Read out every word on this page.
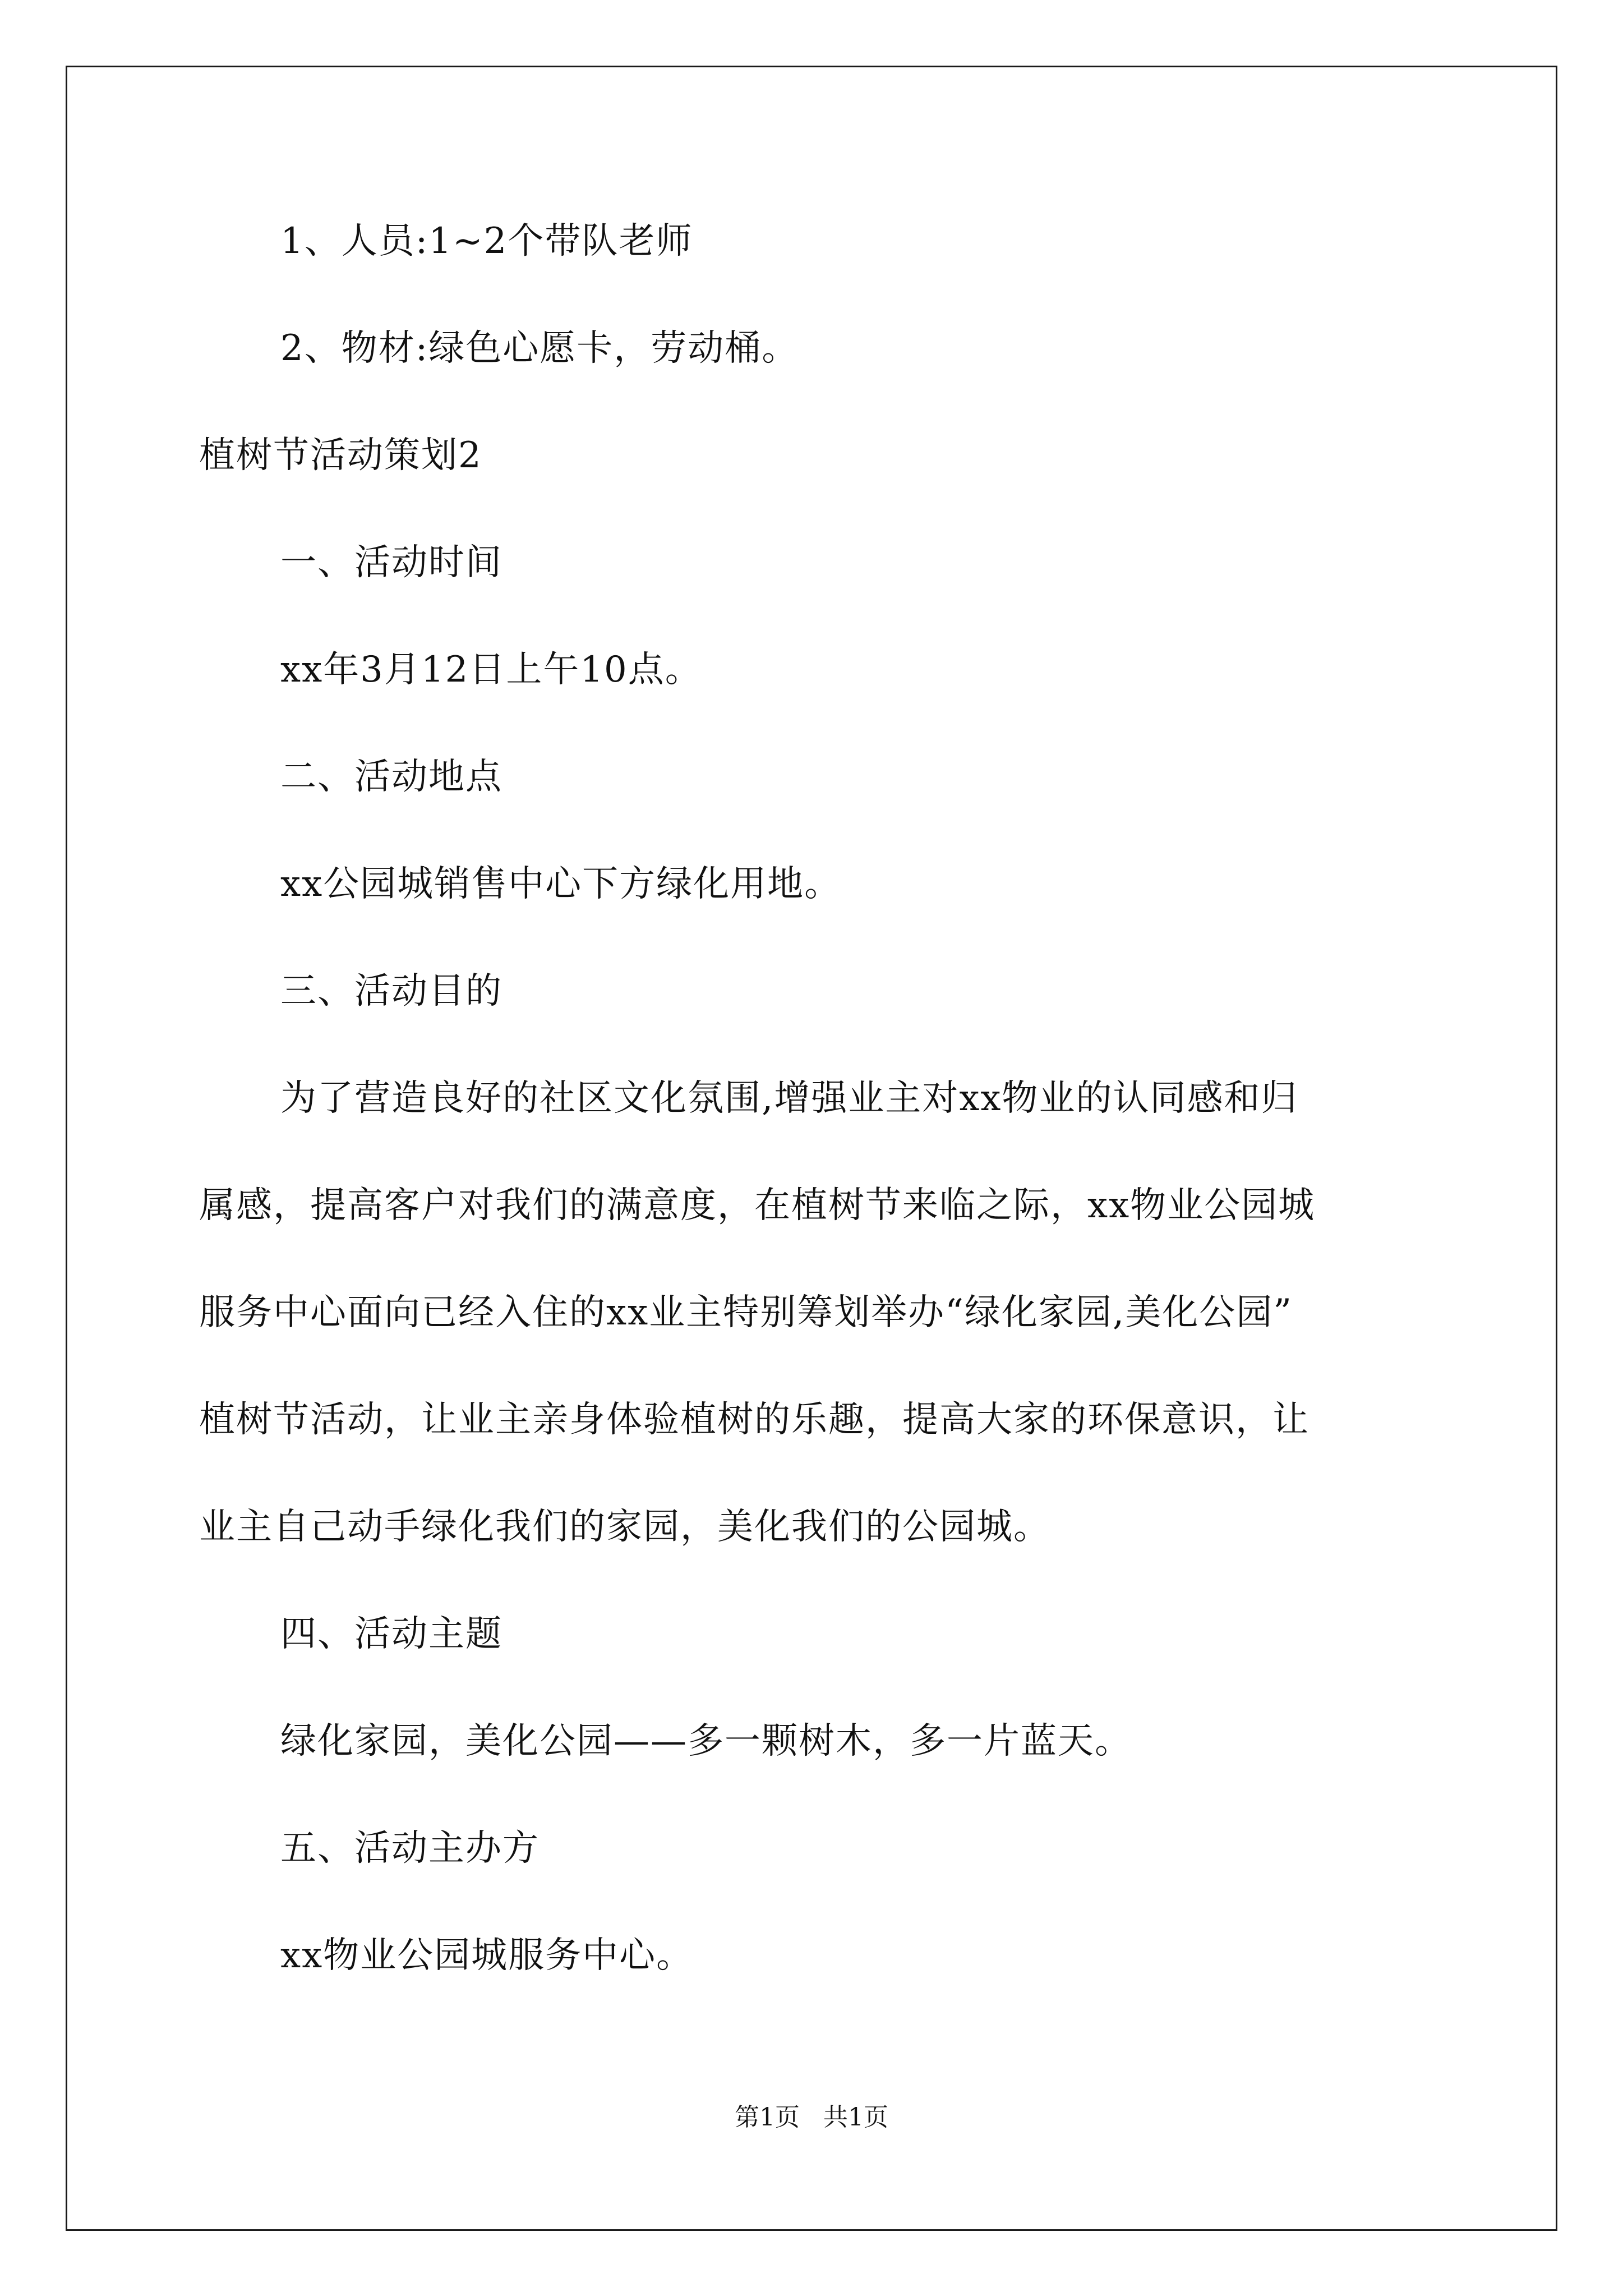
1、人员:1~2个带队老师
2、物材:绿色心愿卡，劳动桶。
植树节活动策划2
一、活动时间
xx年3月12日上午10点。
二、活动地点
xx公园城销售中心下方绿化用地。
三、活动目的
为了营造良好的社区文化氛围,增强业主对xx物业的认同感和归
属感，提高客户对我们的满意度，在植树节来临之际，xx物业公园城
服务中心面向已经入住的xx业主特别筹划举办“绿化家园,美化公园”
植树节活动，让业主亲身体验植树的乐趣，提高大家的环保意识，让
业主自己动手绿化我们的家园，美化我们的公园城。
四、活动主题
绿化家园，美化公园——多一颗树木，多一片蓝天。
五、活动主办方
xx物业公园城服务中心。
第1页   共1页
